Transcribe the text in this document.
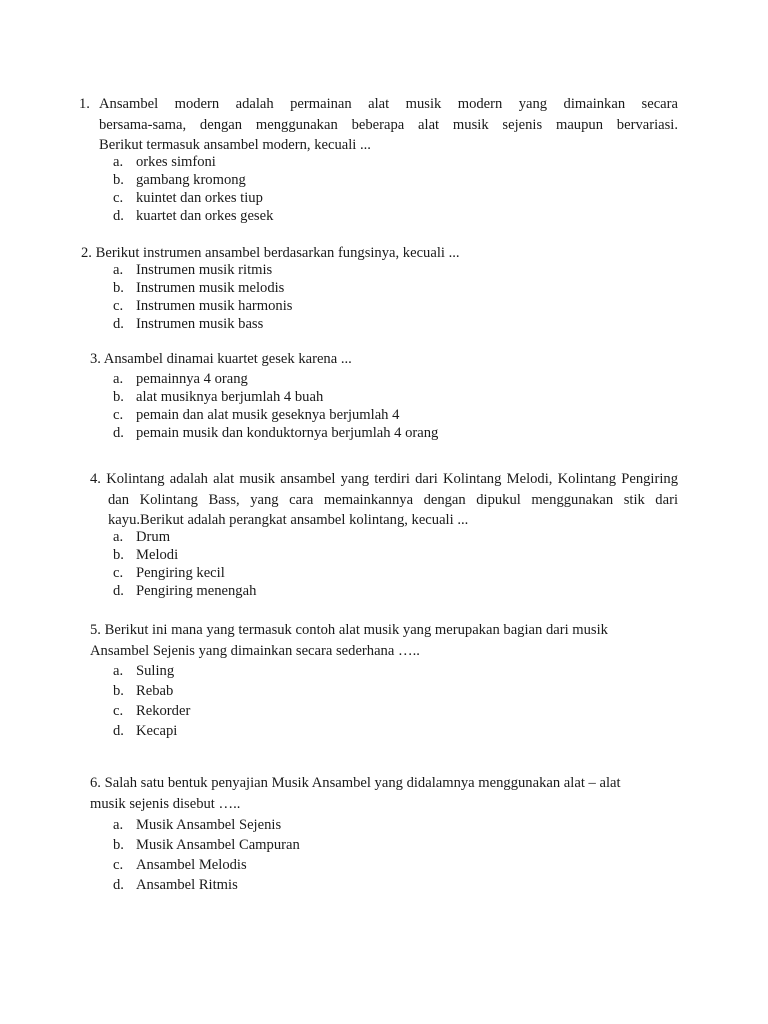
1. Ansambel modern adalah permainan alat musik modern yang dimainkan secara
bersama-sama, dengan menggunakan beberapa alat musik sejenis maupun bervariasi.
Berikut termasuk ansambel modern, kecuali ...
a. orkes simfoni
b. gambang kromong
c. kuintet dan orkes tiup
d. kuartet dan orkes gesek
2. Berikut instrumen ansambel berdasarkan fungsinya, kecuali ...
a. Instrumen musik ritmis
b. Instrumen musik melodis
c. Instrumen musik harmonis
d. Instrumen musik bass
3. Ansambel dinamai kuartet gesek karena ...
a. pemainnya 4 orang
b. alat musiknya berjumlah 4 buah
c. pemain dan alat musik geseknya berjumlah 4
d. pemain musik dan konduktornya berjumlah 4 orang
4. Kolintang adalah alat musik ansambel yang terdiri dari Kolintang Melodi, Kolintang Pengiring
dan Kolintang Bass, yang cara memainkannya dengan dipukul menggunakan stik dari
kayu.Berikut adalah perangkat ansambel kolintang, kecuali ...
a. Drum
b. Melodi
c. Pengiring kecil
d. Pengiring menengah
5. Berikut ini mana yang termasuk contoh alat musik yang merupakan bagian dari musik
Ansambel Sejenis yang dimainkan secara sederhana …..
a. Suling
b. Rebab
c. Rekorder
d. Kecapi
6. Salah satu bentuk penyajian Musik Ansambel yang didalamnya menggunakan alat – alat
musik sejenis disebut …..
a. Musik Ansambel Sejenis
b. Musik Ansambel Campuran
c. Ansambel Melodis
d. Ansambel Ritmis
